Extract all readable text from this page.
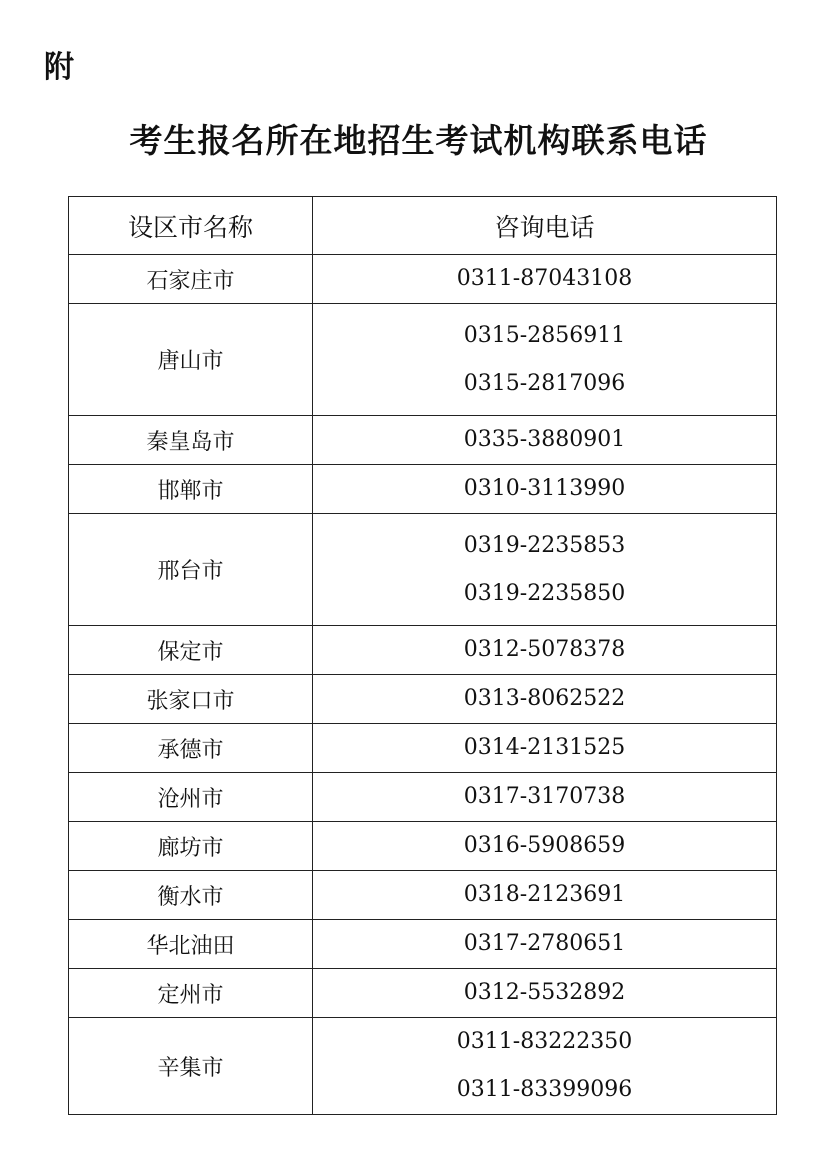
附
考生报名所在地招生考试机构联系电话
设区市名称	咨询电话
石家庄市	0311-87043108

唐山市	0315-2856911
0315-2817096

秦皇岛市	0335-3880901

邯郸市	0310-3113990

邢台市	0319-2235853
0319-2235850

保定市	0312-5078378

张家口市	0313-8062522

承德市	0314-2131525

沧州市	0317-3170738

廊坊市	0316-5908659

衡水市	0318-2123691

华北油田	0317-2780651

定州市	0312-5532892

辛集市	0311-83222350
0311-83399096
